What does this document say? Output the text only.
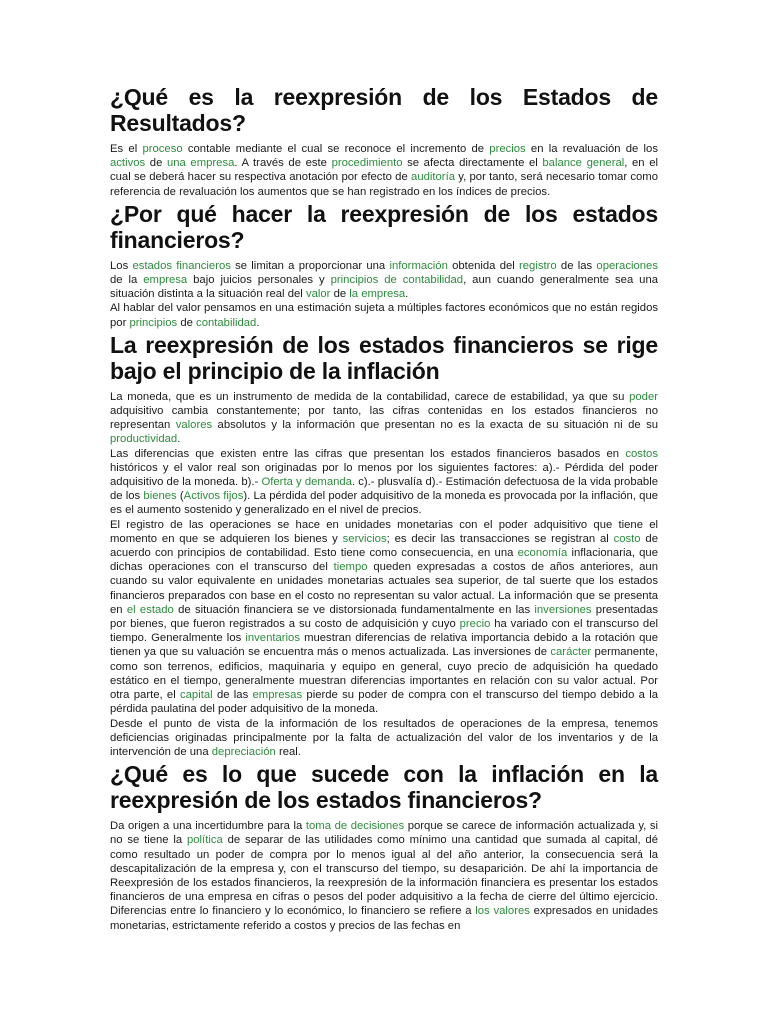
¿Qué es la reexpresión de los Estados de Resultados?

Es el proceso contable mediante el cual se reconoce el incremento de precios en la revaluación de los activos de una empresa. A través de este procedimiento se afecta directamente el balance general, en el cual se deberá hacer su respectiva anotación por efecto de auditoría y, por tanto, será necesario tomar como referencia de revaluación los aumentos que se han registrado en los índices de precios.

¿Por qué hacer la reexpresión de los estados financieros?

Los estados financieros se limitan a proporcionar una información obtenida del registro de las operaciones de la empresa bajo juicios personales y principios de contabilidad, aun cuando generalmente sea una situación distinta a la situación real del valor de la empresa.

Al hablar del valor pensamos en una estimación sujeta a múltiples factores económicos que no están regidos por principios de contabilidad.

La reexpresión de los estados financieros se rige bajo el principio de la inflación

La moneda, que es un instrumento de medida de la contabilidad, carece de estabilidad, ya que su poder adquisitivo cambia constantemente; por tanto, las cifras contenidas en los estados financieros no representan valores absolutos y la información que presentan no es la exacta de su situación ni de su productividad.

Las diferencias que existen entre las cifras que presentan los estados financieros basados en costos históricos y el valor real son originadas por lo menos por los siguientes factores: a).- Pérdida del poder adquisitivo de la moneda. b).- Oferta y demanda. c).- plusvalía d).- Estimación defectuosa de la vida probable de los bienes (Activos fijos). La pérdida del poder adquisitivo de la moneda es provocada por la inflación, que es el aumento sostenido y generalizado en el nivel de precios.

El registro de las operaciones se hace en unidades monetarias con el poder adquisitivo que tiene el momento en que se adquieren los bienes y servicios; es decir las transacciones se registran al costo de acuerdo con principios de contabilidad. Esto tiene como consecuencia, en una economía inflacionaria, que dichas operaciones con el transcurso del tiempo queden expresadas a costos de años anteriores, aun cuando su valor equivalente en unidades monetarias actuales sea superior, de tal suerte que los estados financieros preparados con base en el costo no representan su valor actual. La información que se presenta en el estado de situación financiera se ve distorsionada fundamentalmente en las inversiones presentadas por bienes, que fueron registrados a su costo de adquisición y cuyo precio ha variado con el transcurso del tiempo. Generalmente los inventarios muestran diferencias de relativa importancia debido a la rotación que tienen ya que su valuación se encuentra más o menos actualizada. Las inversiones de carácter permanente, como son terrenos, edificios, maquinaria y equipo en general, cuyo precio de adquisición ha quedado estático en el tiempo, generalmente muestran diferencias importantes en relación con su valor actual. Por otra parte, el capital de las empresas pierde su poder de compra con el transcurso del tiempo debido a la pérdida paulatina del poder adquisitivo de la moneda.

Desde el punto de vista de la información de los resultados de operaciones de la empresa, tenemos deficiencias originadas principalmente por la falta de actualización del valor de los inventarios y de la intervención de una depreciación real.

¿Qué es lo que sucede con la inflación en la reexpresión de los estados financieros?

Da origen a una incertidumbre para la toma de decisiones porque se carece de información actualizada y, si no se tiene la política de separar de las utilidades como mínimo una cantidad que sumada al capital, dé como resultado un poder de compra por lo menos igual al del año anterior, la consecuencia será la descapitalización de la empresa y, con el transcurso del tiempo, su desaparición. De ahí la importancia de Reexpresión de los estados financieros, la reexpresión de la información financiera es presentar los estados financieros de una empresa en cifras o pesos del poder adquisitivo a la fecha de cierre del último ejercicio. Diferencias entre lo financiero y lo económico, lo financiero se refiere a los valores expresados en unidades monetarias, estrictamente referido a costos y precios de las fechas en
